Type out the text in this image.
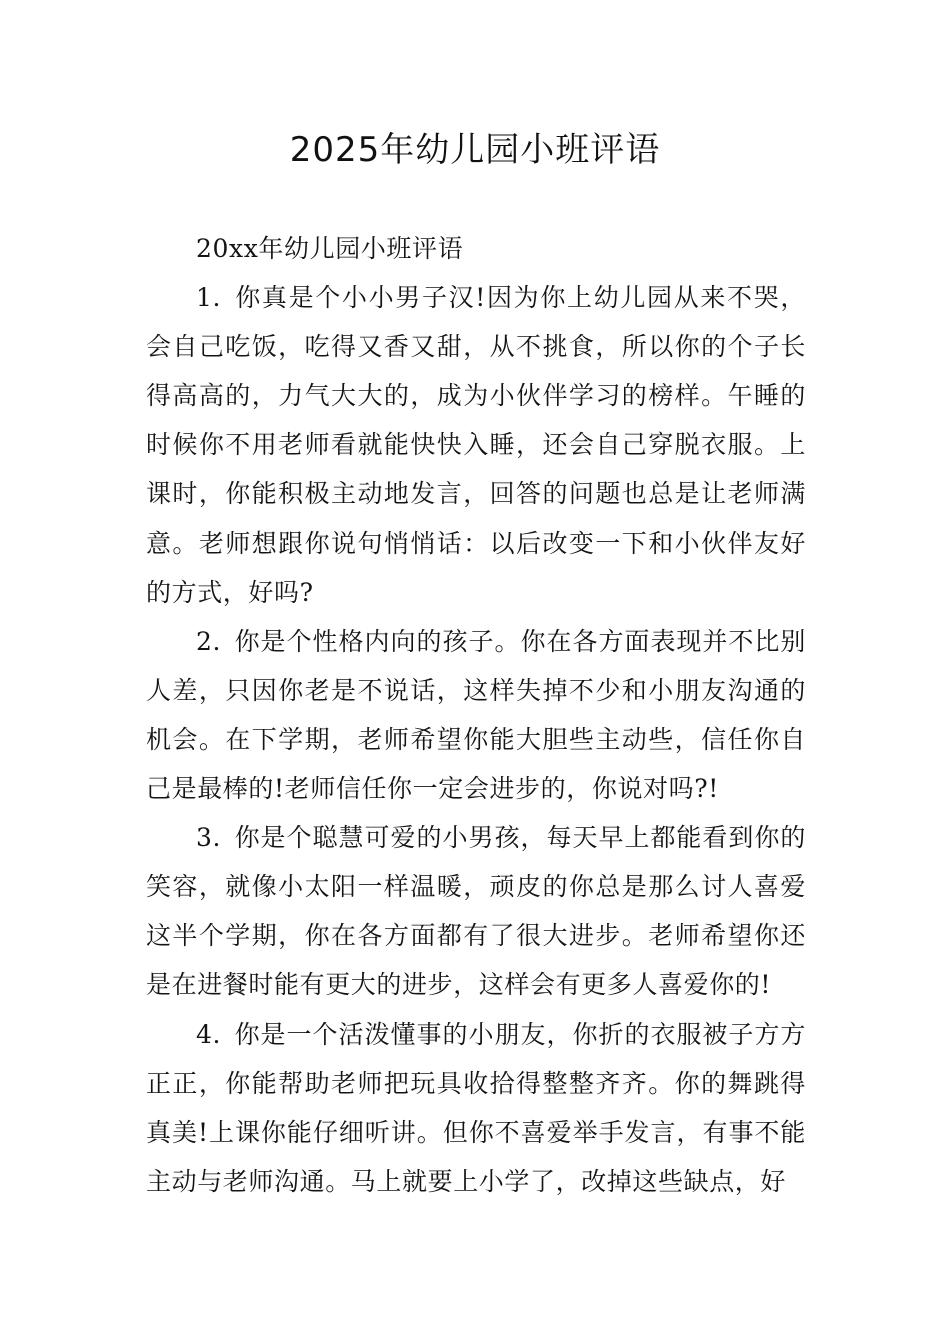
2025年幼儿园小班评语

20xx年幼儿园小班评语

1.  你真是个小小男子汉!因为你上幼儿园从来不哭，会自己吃饭，吃得又香又甜，从不挑食，所以你的个子长得高高的，力气大大的，成为小伙伴学习的榜样。午睡的时候你不用老师看就能快快入睡，还会自己穿脱衣服。上课时，你能积极主动地发言，回答的问题也总是让老师满意。老师想跟你说句悄悄话：以后改变一下和小伙伴友好的方式，好吗?

2.  你是个性格内向的孩子。你在各方面表现并不比别人差，只因你老是不说话，这样失掉不少和小朋友沟通的机会。在下学期，老师希望你能大胆些主动些，信任你自己是最棒的!老师信任你一定会进步的，你说对吗?!

3.  你是个聪慧可爱的小男孩，每天早上都能看到你的笑容，就像小太阳一样温暖，顽皮的你总是那么讨人喜爱这半个学期，你在各方面都有了很大进步。老师希望你还是在进餐时能有更大的进步，这样会有更多人喜爱你的!

4.  你是一个活泼懂事的小朋友，你折的衣服被子方方正正，你能帮助老师把玩具收拾得整整齐齐。你的舞跳得真美!上课你能仔细听讲。但你不喜爱举手发言，有事不能主动与老师沟通。马上就要上小学了，改掉这些缺点，好
